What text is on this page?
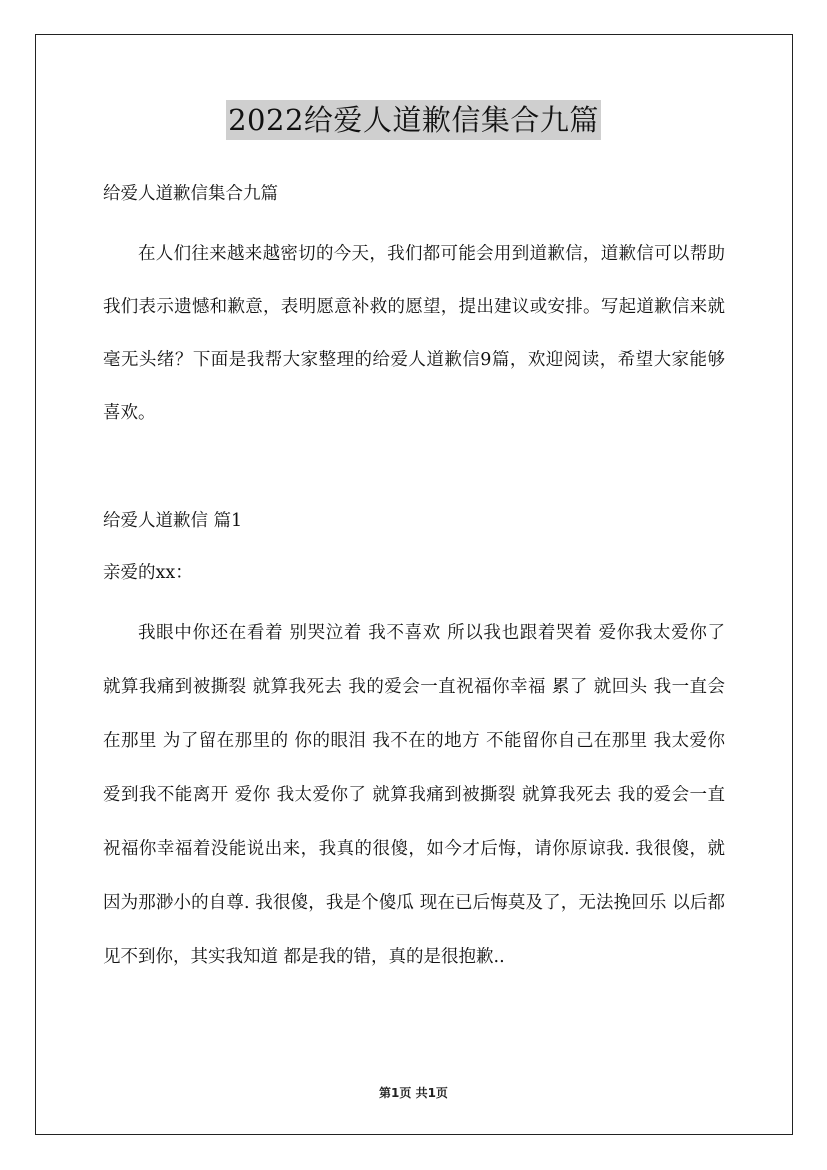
2022给爱人道歉信集合九篇
给爱人道歉信集合九篇
在人们往来越来越密切的今天，我们都可能会用到道歉信，道歉信可以帮助我们表示遗憾和歉意，表明愿意补救的愿望，提出建议或安排。写起道歉信来就毫无头绪？下面是我帮大家整理的给爱人道歉信9篇，欢迎阅读，希望大家能够喜欢。
给爱人道歉信 篇1
亲爱的xx：
我眼中你还在看着 别哭泣着 我不喜欢 所以我也跟着哭着 爱你我太爱你了 就算我痛到被撕裂 就算我死去 我的爱会一直祝福你幸福 累了 就回头 我一直会在那里 为了留在那里的 你的眼泪 我不在的地方 不能留你自己在那里 我太爱你 爱到我不能离开 爱你 我太爱你了 就算我痛到被撕裂 就算我死去 我的爱会一直祝福你幸福着没能说出来，我真的很傻，如今才后悔，请你原谅我. 我很傻，就因为那渺小的自尊. 我很傻，我是个傻瓜 现在已后悔莫及了，无法挽回乐 以后都见不到你，其实我知道 都是我的错，真的是很抱歉..
第1页 共1页
